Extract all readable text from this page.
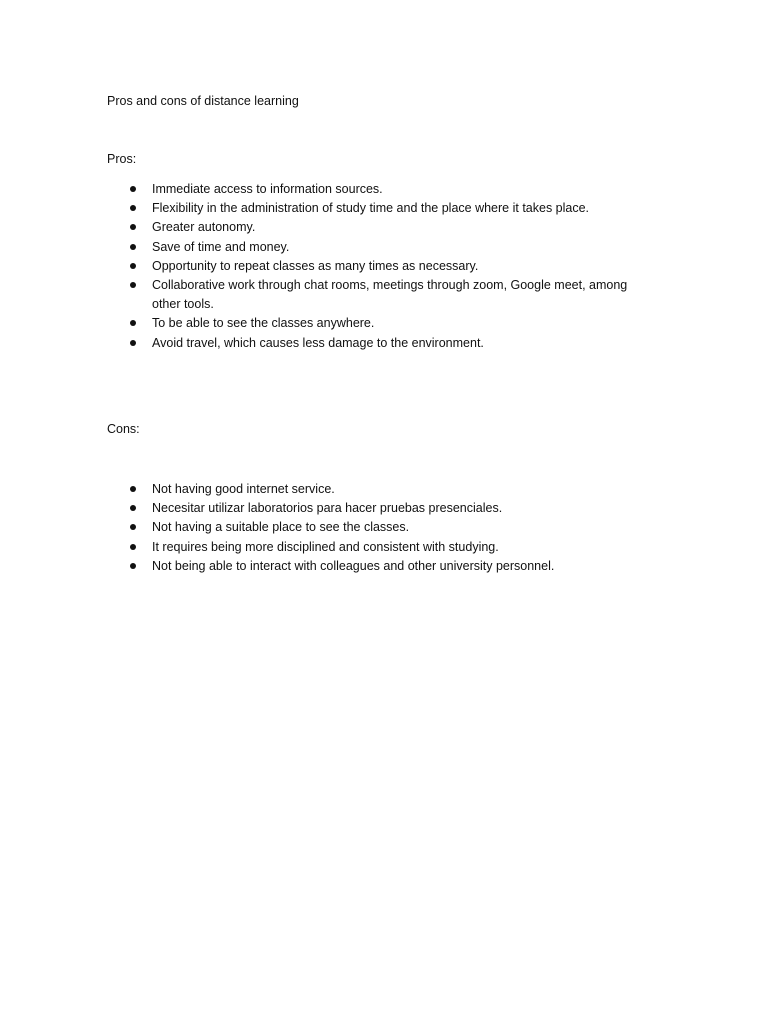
Pros and cons of distance learning
Pros:
Immediate access to information sources.
Flexibility in the administration of study time and the place where it takes place.
Greater autonomy.
Save of time and money.
Opportunity to repeat classes as many times as necessary.
Collaborative work through chat rooms, meetings through zoom, Google meet, among other tools.
To be able to see the classes anywhere.
Avoid travel, which causes less damage to the environment.
Cons:
Not having good internet service.
Necesitar utilizar laboratorios para hacer pruebas presenciales.
Not having a suitable place to see the classes.
It requires being more disciplined and consistent with studying.
Not being able to interact with colleagues and other university personnel.
